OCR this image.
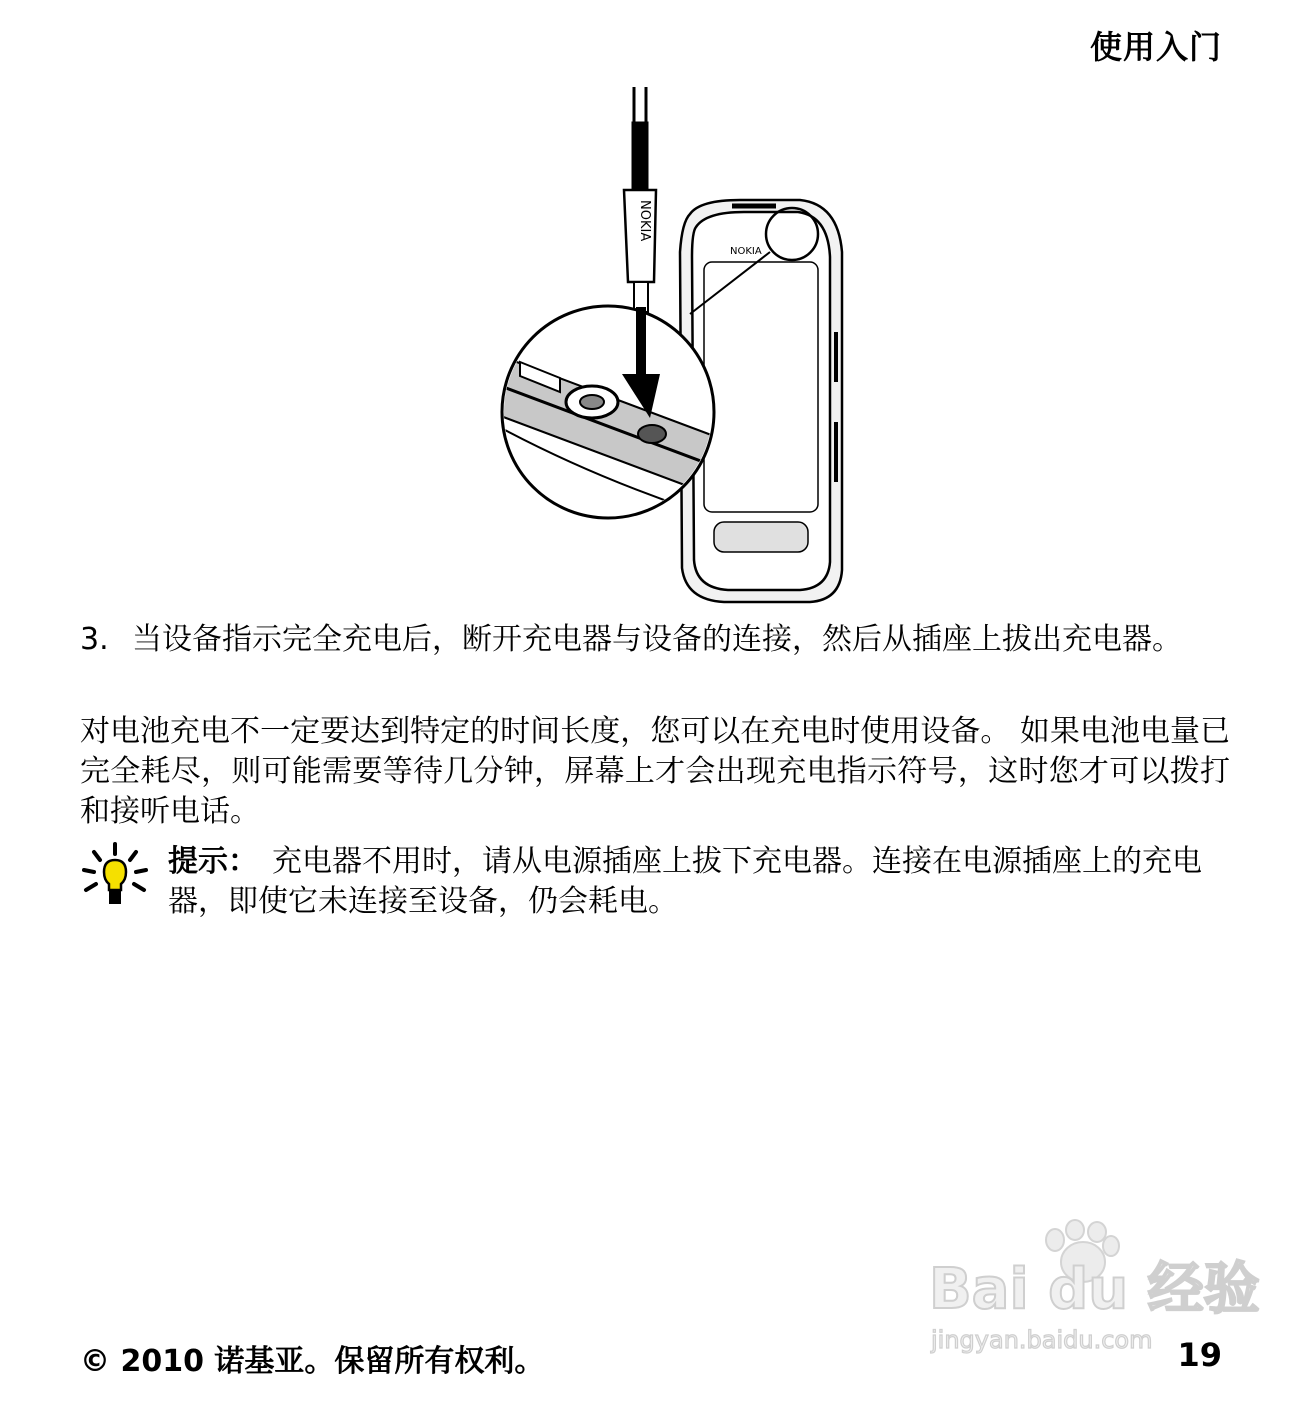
使用入门
NOKIA
NOKIA
3. 当设备指示完全充电后，断开充电器与设备的连接，然后从插座上拔出充电器。
对电池充电不一定要达到特定的时间长度，您可以在充电时使用设备。 如果电池电量已完全耗尽，则可能需要等待几分钟，屏幕上才会出现充电指示符号，这时您才可以拨打和接听电话。
提示： 充电器不用时，请从电源插座上拔下充电器。连接在电源插座上的充电器，即使它未连接至设备，仍会耗电。
Bai du 经验
jingyan.baidu.com
© 2010 诺基亚。保留所有权利。	19
